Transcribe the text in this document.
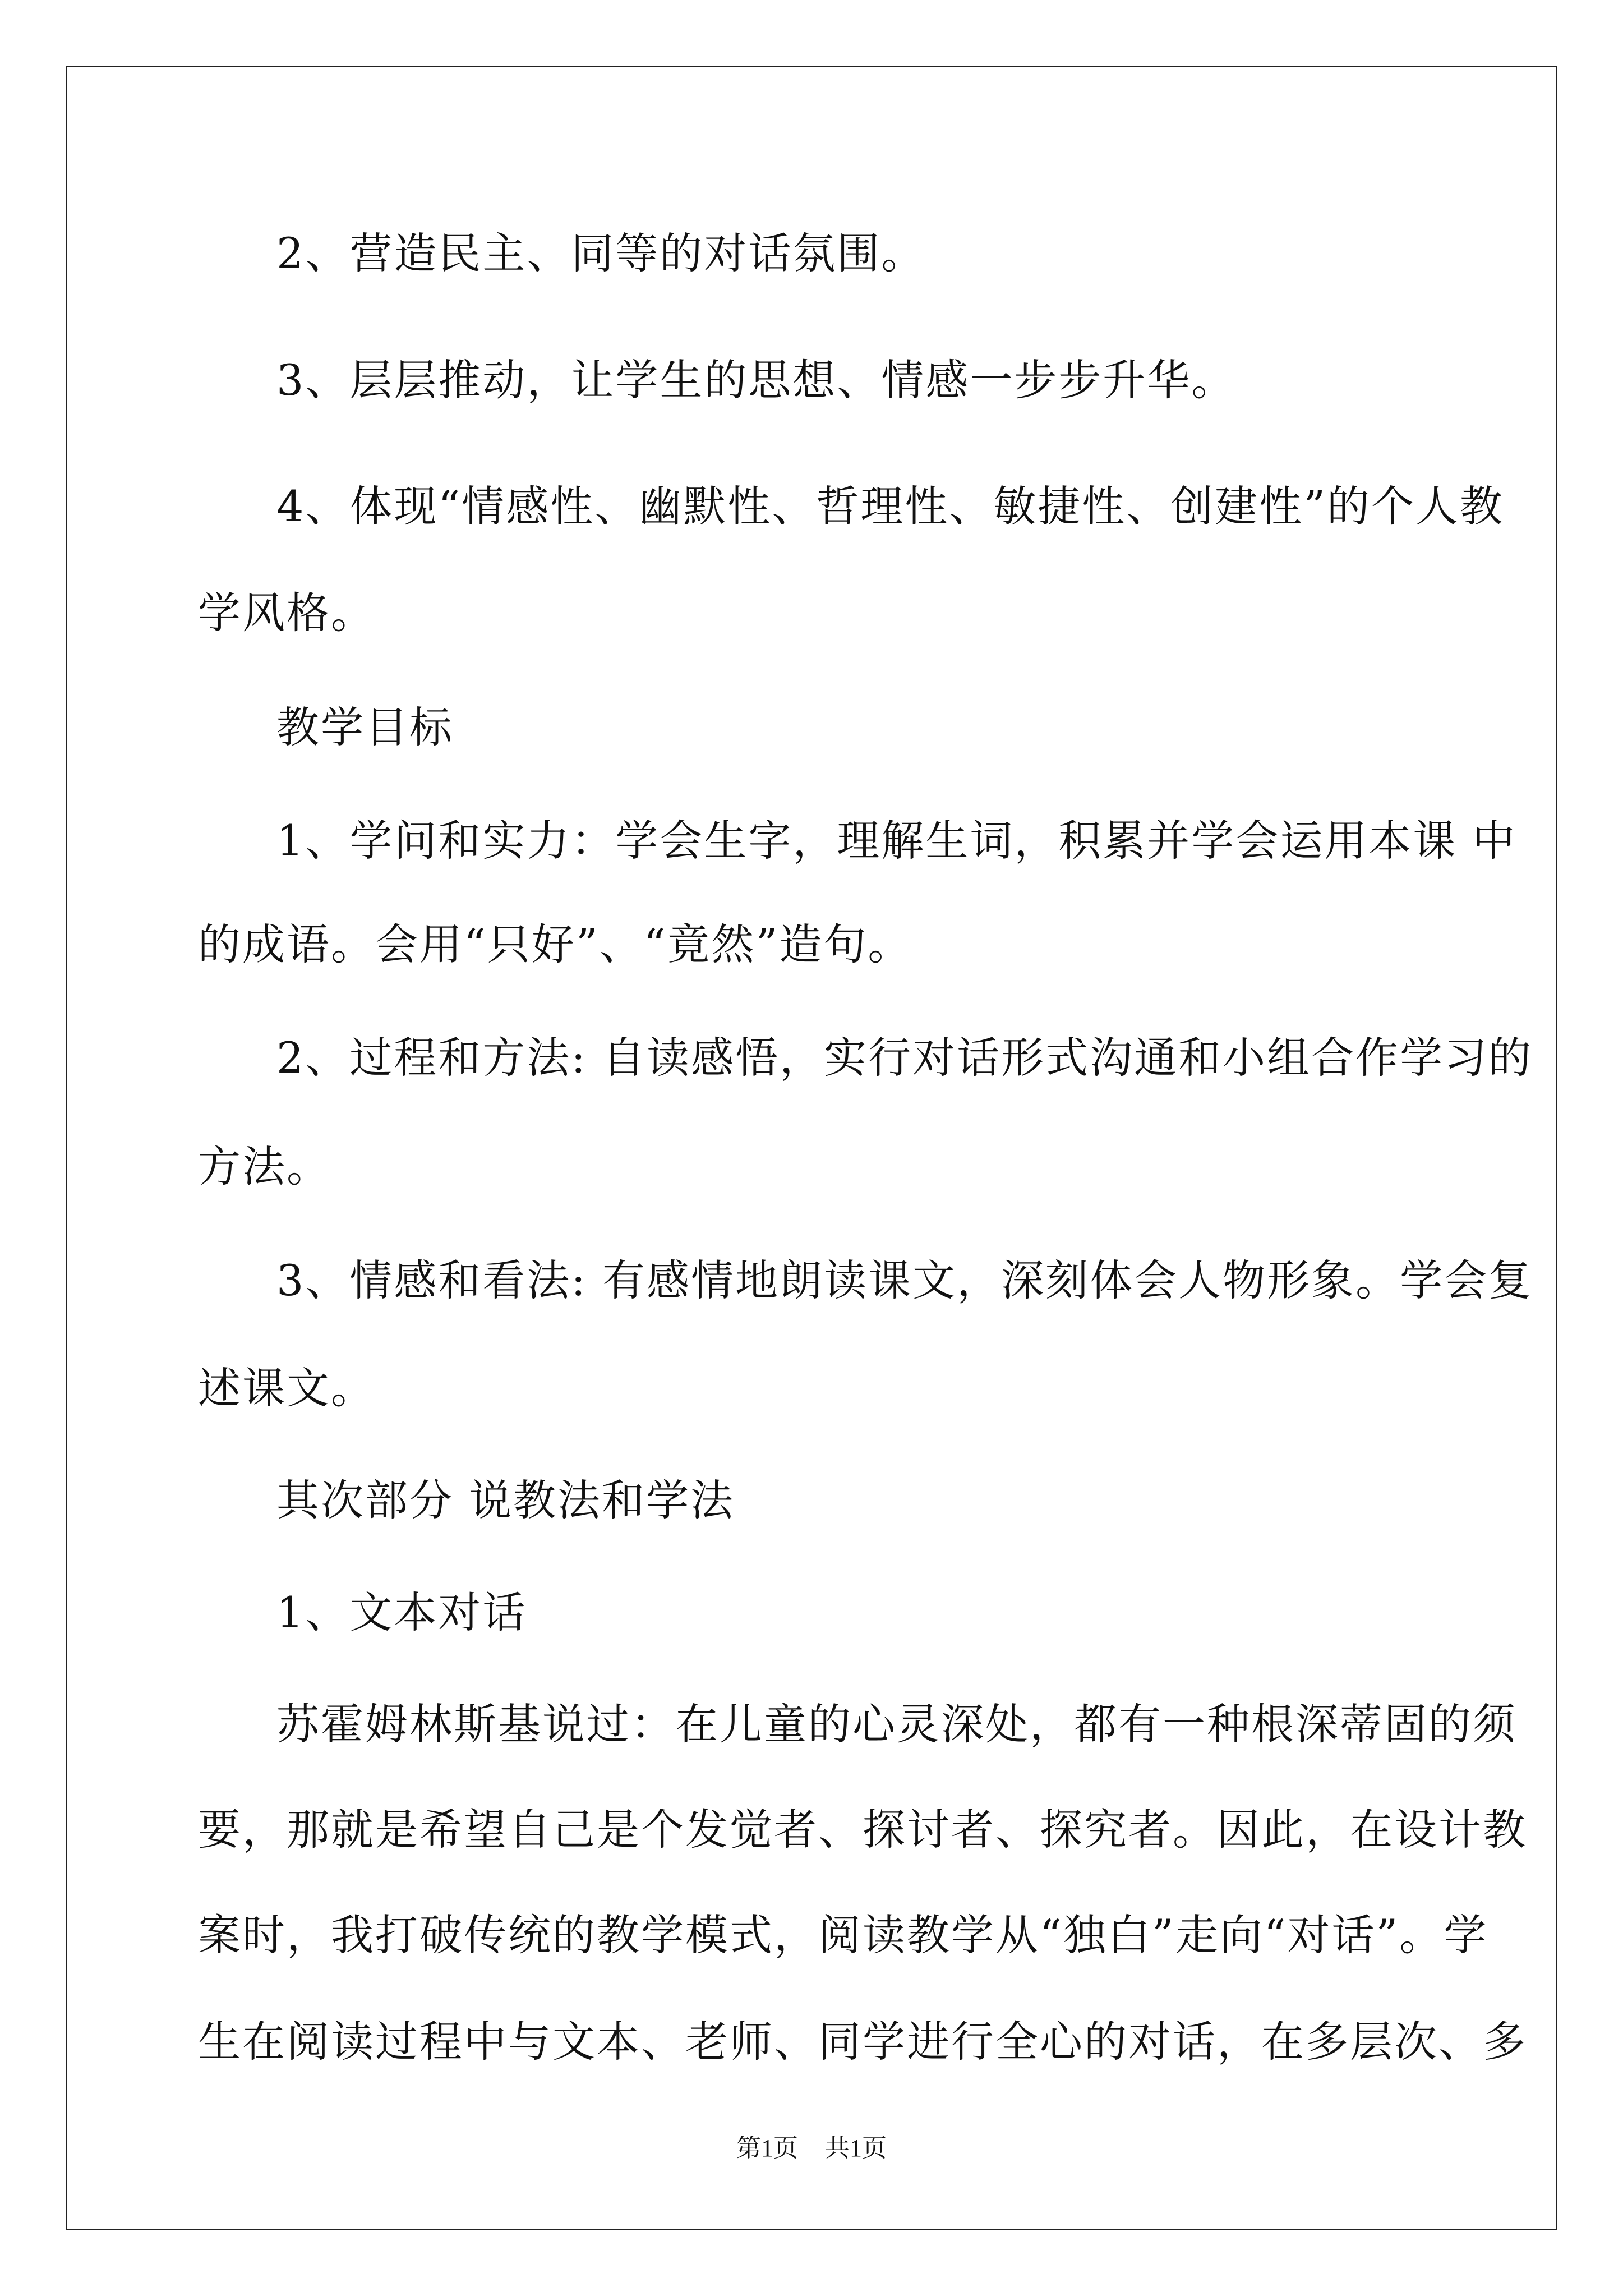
2、营造民主、同等的对话氛围。
3、层层推动，让学生的思想、情感一步步升华。
4、体现“情感性、幽默性、哲理性、敏捷性、创建性”的个人教
学风格。
教学目标
1、学问和实力：学会生字，理解生词，积累并学会运用本课 中
的成语。会用“只好”、“竟然”造句。
2、过程和方法: 自读感悟，实行对话形式沟通和小组合作学习的
方法。
3、情感和看法: 有感情地朗读课文，深刻体会人物形象。学会复
述课文。
其次部分 说教法和学法
1、文本对话
苏霍姆林斯基说过：在儿童的心灵深处，都有一种根深蒂固的须
要，那就是希望自己是个发觉者、探讨者、探究者。因此，在设计教
案时，我打破传统的教学模式，阅读教学从“独白”走向“对话”。学
生在阅读过程中与文本、老师、同学进行全心的对话，在多层次、多
第1页 共1页
